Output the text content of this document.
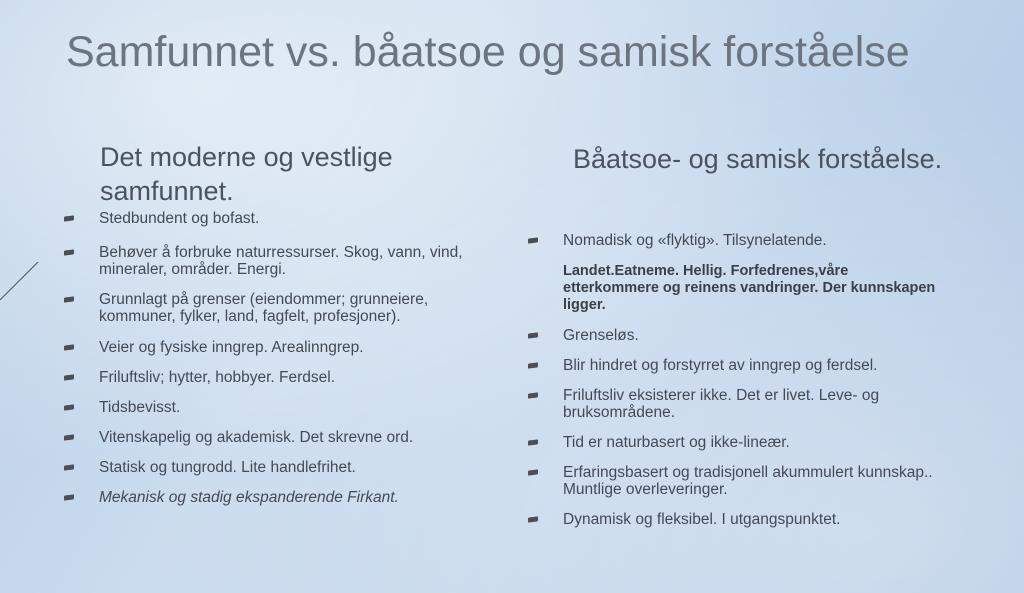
Samfunnet vs. båatsoe og samisk forståelse
Det moderne og vestlige samfunnet.
Båatsoe- og samisk forståelse.
Stedbundent og bofast.
Behøver å forbruke naturressurser. Skog, vann, vind, mineraler, områder. Energi.
Grunnlagt på grenser (eiendommer; grunneiere, kommuner, fylker, land, fagfelt, profesjoner).
Veier og fysiske inngrep. Arealinngrep.
Friluftsliv; hytter, hobbyer. Ferdsel.
Tidsbevisst.
Vitenskapelig og akademisk. Det skrevne ord.
Statisk og tungrodd. Lite handlefrihet.
Mekanisk og stadig ekspanderende Firkant.
Nomadisk og «flyktig». Tilsynelatende.
Landet.Eatneme. Hellig. Forfedrenes,våre etterkommere og reinens vandringer. Der kunnskapen ligger.
Grenseløs.
Blir hindret og forstyrret av inngrep og ferdsel.
Friluftsliv eksisterer ikke. Det er livet. Leve- og bruksområdene.
Tid er naturbasert og ikke-lineær.
Erfaringsbasert og tradisjonell akummulert kunnskap.. Muntlige overleveringer.
Dynamisk og fleksibel. I utgangspunktet.
